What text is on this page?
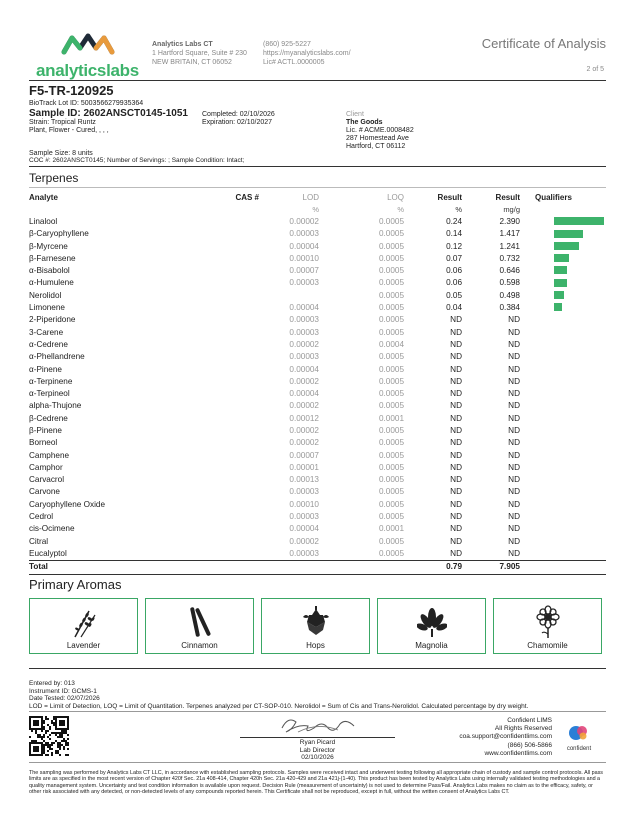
analyticslabs
Analytics Labs CT
1 Hartford Square, Suite # 230
NEW BRITAIN, CT 06052
(860) 925-5227
https://myanalyticslabs.com/
Lic# ACTL.0000005
Certificate of Analysis
2 of 5
F5-TR-120925
BioTrack Lot ID: 5003566279935364
Sample ID: 2602ANSCT0145-1051
Strain: Tropical Runtz
Plant, Flower - Cured, , , ,
Completed: 02/10/2026
Expiration: 02/10/2027
Client
The Goods
Lic. # ACME.0008482
287 Homestead Ave
Hartford, CT 06112
Sample Size: 8 units
COC #: 2602ANSCT0145; Number of Servings: ; Sample Condition: Intact;
Terpenes
Analyte	CAS #	LOD	LOQ	Result	Result	Qualifiers
		%	%	%	mg/g	
Linalool		0.00002	0.0005	0.24	2.390	
β-Caryophyllene		0.00003	0.0005	0.14	1.417	
β-Myrcene		0.00004	0.0005	0.12	1.241	
β-Farnesene		0.00010	0.0005	0.07	0.732	
α-Bisabolol		0.00007	0.0005	0.06	0.646	
α-Humulene		0.00003	0.0005	0.06	0.598	
Nerolidol			0.0005	0.05	0.498	
Limonene		0.00004	0.0005	0.04	0.384	
2-Piperidone		0.00003	0.0005	ND	ND	
3-Carene		0.00003	0.0005	ND	ND	
α-Cedrene		0.00002	0.0004	ND	ND	
α-Phellandrene		0.00003	0.0005	ND	ND	
α-Pinene		0.00004	0.0005	ND	ND	
α-Terpinene		0.00002	0.0005	ND	ND	
α-Terpineol		0.00004	0.0005	ND	ND	
alpha-Thujone		0.00002	0.0005	ND	ND	
β-Cedrene		0.00012	0.0001	ND	ND	
β-Pinene		0.00002	0.0005	ND	ND	
Borneol		0.00002	0.0005	ND	ND	
Camphene		0.00007	0.0005	ND	ND	
Camphor		0.00001	0.0005	ND	ND	
Carvacrol		0.00013	0.0005	ND	ND	
Carvone		0.00003	0.0005	ND	ND	
Caryophyllene Oxide		0.00010	0.0005	ND	ND	
Cedrol		0.00003	0.0005	ND	ND	
cis-Ocimene		0.00004	0.0001	ND	ND	
Citral		0.00002	0.0005	ND	ND	
Eucalyptol		0.00003	0.0005	ND	ND	
Total				0.79	7.905	
Primary Aromas
Lavender	Cinnamon	Hops	Magnolia	Chamomile
Entered by: 013
Instrument ID: GCMS-1
Date Tested: 02/07/2026
LOD = Limit of Detection, LOQ = Limit of Quantitation. Terpenes analyzed per CT-SOP-010. Nerolidol = Sum of Cis and Trans-Nerolidol. Calculated percentage by dry weight.
Ryan Picard
Lab Director
02/10/2026
Confident LIMS
All Rights Reserved
coa.support@confidentlims.com
(866) 506-5866
www.confidentlims.com
confident
The sampling was performed by Analytics Labs CT LLC, in accordance with established sampling protocols. Samples were received intact and underwent testing following all appropriate chain of custody and sample control protocols. All pass limits are as specified in the most recent version of Chapter 420f Sec. 21a 408-414, Chapter 420h Sec. 21a 420-429 and 21a 421j-(1-40). This product has been tested by Analytics Labs using internally validated testing methodologies and a quality management system. Uncertainty and test condition information is available upon request. Decision Rule (measurement of uncertainty) is not used to determine Pass/Fail. Analytics Labs makes no claim as to the efficacy, safety, or other risk associated with any detected, or non-detected levels of any compounds reported herein. This Certificate shall not be reproduced, except in full, without the written consent of Analytics Labs CT.
